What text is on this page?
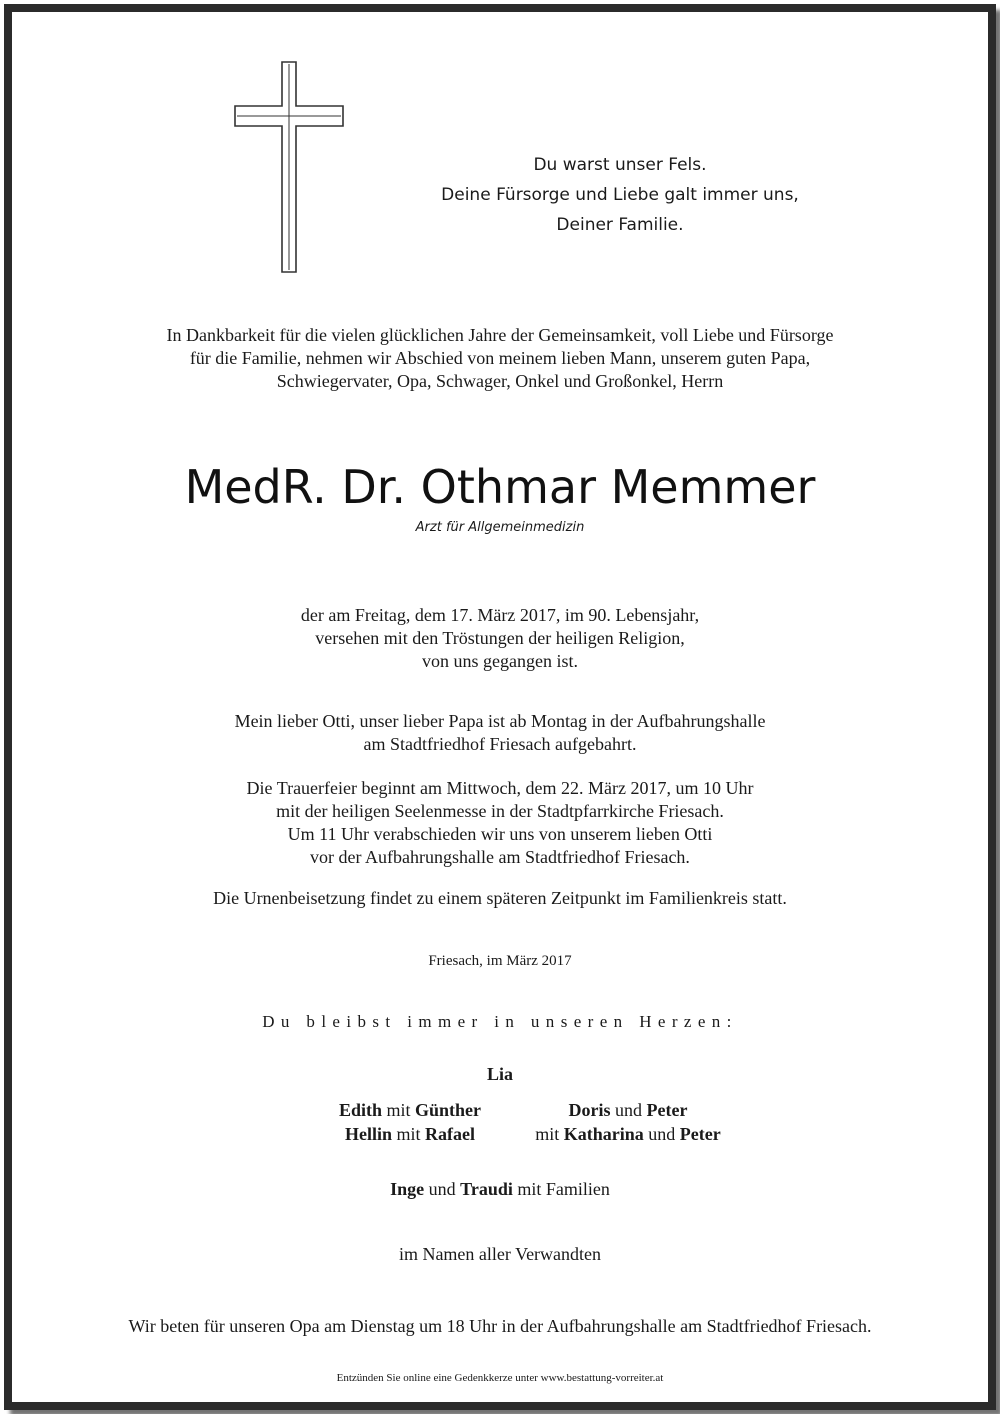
Du warst unser Fels.
Deine Fürsorge und Liebe galt immer uns,
Deiner Familie.
In Dankbarkeit für die vielen glücklichen Jahre der Gemeinsamkeit, voll Liebe und Fürsorge
für die Familie, nehmen wir Abschied von meinem lieben Mann, unserem guten Papa,
Schwiegervater, Opa, Schwager, Onkel und Großonkel, Herrn
MedR. Dr. Othmar Memmer
Arzt für Allgemeinmedizin
der am Freitag, dem 17. März 2017, im 90. Lebensjahr,
versehen mit den Tröstungen der heiligen Religion,
von uns gegangen ist.
Mein lieber Otti, unser lieber Papa ist ab Montag in der Aufbahrungshalle
am Stadtfriedhof Friesach aufgebahrt.
Die Trauerfeier beginnt am Mittwoch, dem 22. März 2017, um 10 Uhr
mit der heiligen Seelenmesse in der Stadtpfarrkirche Friesach.
Um 11 Uhr verabschieden wir uns von unserem lieben Otti
vor der Aufbahrungshalle am Stadtfriedhof Friesach.
Die Urnenbeisetzung findet zu einem späteren Zeitpunkt im Familienkreis statt.
Friesach, im März 2017
Du bleibst immer in unseren Herzen:
Lia
Edith mit Günther
Hellin mit Rafael
Doris und Peter
mit Katharina und Peter
Inge und Traudi mit Familien
im Namen aller Verwandten
Wir beten für unseren Opa am Dienstag um 18 Uhr in der Aufbahrungshalle am Stadtfriedhof Friesach.
Entzünden Sie online eine Gedenkkerze unter www.bestattung-vorreiter.at
